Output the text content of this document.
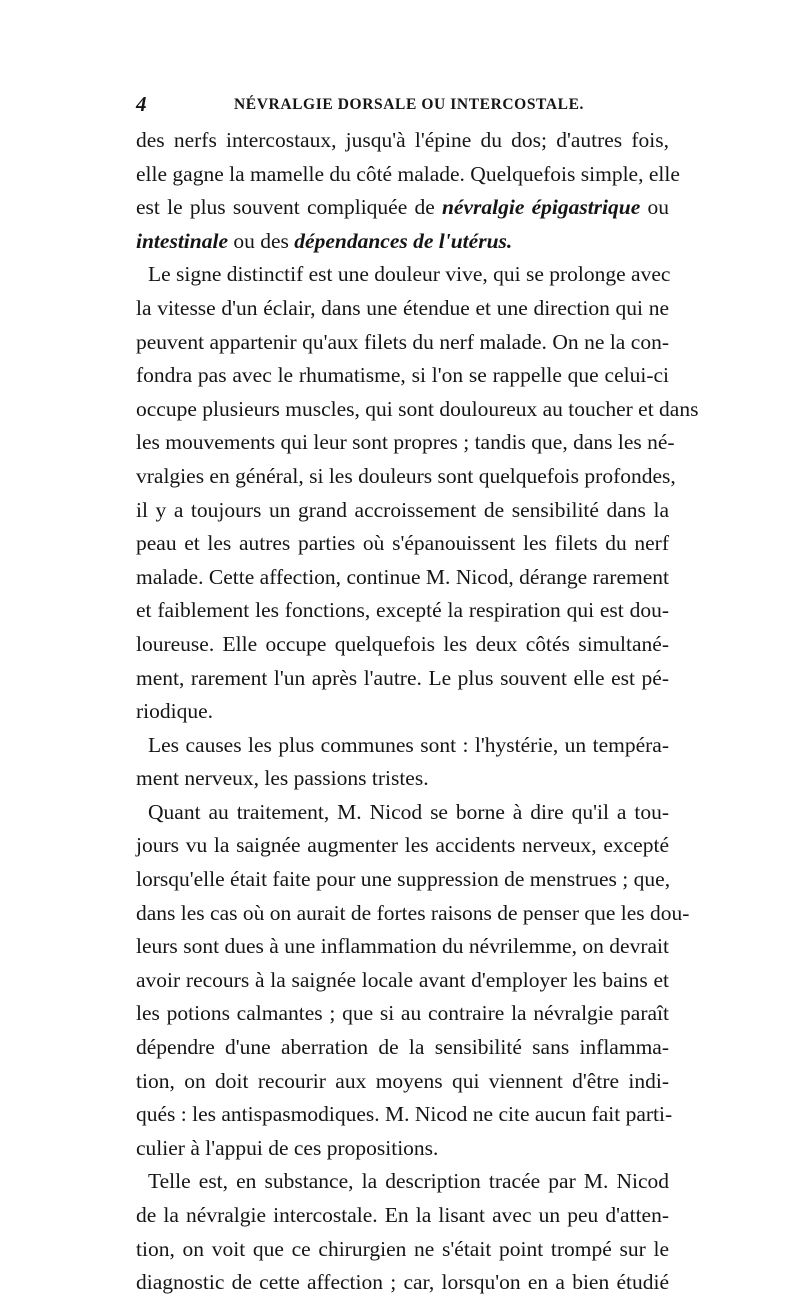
4	NÉVRALGIE DORSALE OU INTERCOSTALE.
des nerfs intercostaux, jusqu'à l'épine du dos; d'autres fois,
elle gagne la mamelle du côté malade. Quelquefois simple, elle
est le plus souvent compliquée de névralgie épigastrique ou
intestinale ou des dépendances de l'utérus.
Le signe distinctif est une douleur vive, qui se prolonge avec
la vitesse d'un éclair, dans une étendue et une direction qui ne
peuvent appartenir qu'aux filets du nerf malade. On ne la con-
fondra pas avec le rhumatisme, si l'on se rappelle que celui-ci
occupe plusieurs muscles, qui sont douloureux au toucher et dans
les mouvements qui leur sont propres ; tandis que, dans les né-
vralgies en général, si les douleurs sont quelquefois profondes,
il y a toujours un grand accroissement de sensibilité dans la
peau et les autres parties où s'épanouissent les filets du nerf
malade. Cette affection, continue M. Nicod, dérange rarement
et faiblement les fonctions, excepté la respiration qui est dou-
loureuse. Elle occupe quelquefois les deux côtés simultané-
ment, rarement l'un après l'autre. Le plus souvent elle est pé-
riodique.
Les causes les plus communes sont : l'hystérie, un tempéra-
ment nerveux, les passions tristes.
Quant au traitement, M. Nicod se borne à dire qu'il a tou-
jours vu la saignée augmenter les accidents nerveux, excepté
lorsqu'elle était faite pour une suppression de menstrues ; que,
dans les cas où on aurait de fortes raisons de penser que les dou-
leurs sont dues à une inflammation du névrilemme, on devrait
avoir recours à la saignée locale avant d'employer les bains et
les potions calmantes ; que si au contraire la névralgie paraît
dépendre d'une aberration de la sensibilité sans inflamma-
tion, on doit recourir aux moyens qui viennent d'être indi-
qués : les antispasmodiques. M. Nicod ne cite aucun fait parti-
culier à l'appui de ces propositions.
Telle est, en substance, la description tracée par M. Nicod
de la névralgie intercostale. En la lisant avec un peu d'atten-
tion, on voit que ce chirurgien ne s'était point trompé sur le
diagnostic de cette affection ; car, lorsqu'on en a bien étudié
